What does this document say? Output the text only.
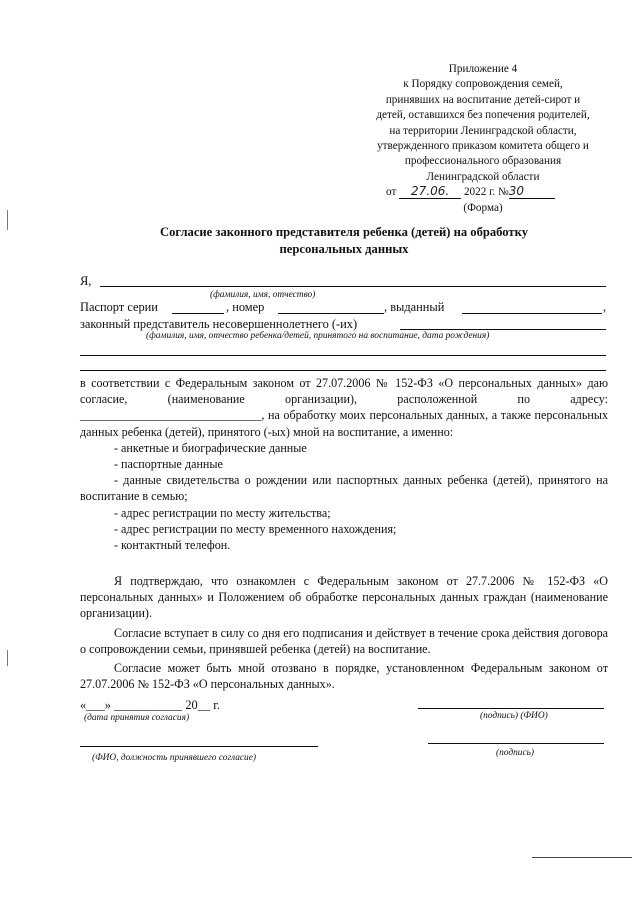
Приложение 4
к Порядку сопровождения семей,
принявших на воспитание детей-сирот и
детей, оставшихся без попечения родителей,
на территории Ленинградской области,
утвержденного приказом комитета общего и
профессионального образования
Ленинградской области
от 27.06. 2022 г. №30
(Форма)
Согласие законного представителя ребенка (детей) на обработку
персональных данных
Я,
(фамилия, имя, отчество)
Паспорт серии	, номер	, выданный	,
законный представитель несовершеннолетнего (-их)
(фамилия, имя, отчество ребенка/детей, принятого на воспитание, дата рождения)

в соответствии с Федеральным законом от 27.07.2006 № 152-ФЗ «О персональных данных» даю согласие, (наименование организации), расположенной по адресу: ______________________________, на обработку моих персональных данных, а также персональных данных ребенка (детей), принятого (-ых) мной на воспитание, а именно:

- анкетные и биографические данные

- паспортные данные

- данные свидетельства о рождении или паспортных данных ребенка (детей), принятого на воспитание в семью;

- адрес регистрации по месту жительства;

- адрес регистрации по месту временного нахождения;

- контактный телефон.

Я подтверждаю, что ознакомлен с Федеральным законом от 27.7.2006 № 152-ФЗ «О персональных данных» и Положением об обработке персональных данных граждан (наименование организации).

Согласие вступает в силу со дня его подписания и действует в течение срока действия договора о сопровождении семьи, принявшей ребенка (детей) на воспитание.

Согласие может быть мной отозвано в порядке, установленном Федеральным законом от 27.07.2006 № 152-ФЗ «О персональных данных».

«___» ___________ 20__ г.
(дата принятия согласия)	(подпись) (ФИО)
(ФИО, должность принявшего согласие)	(подпись)
